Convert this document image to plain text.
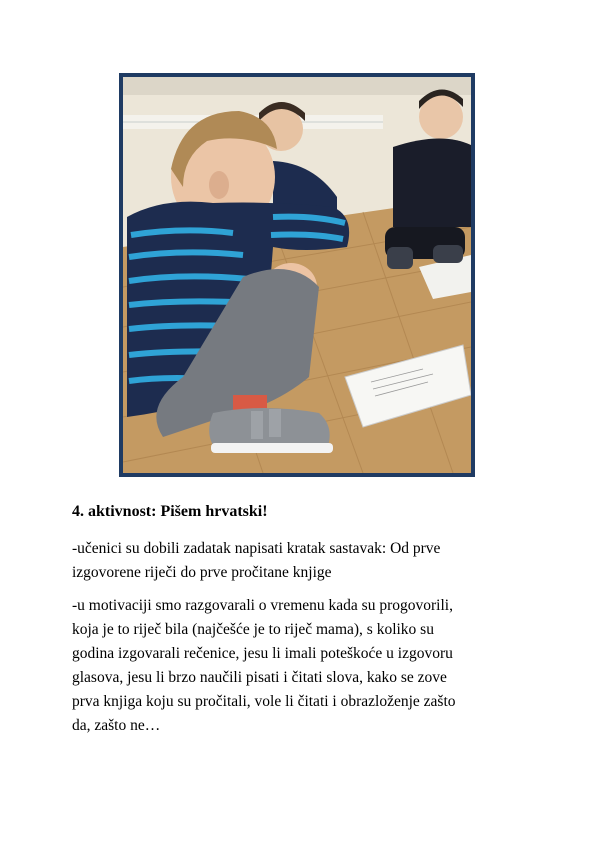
4. aktivnost: Pišem hrvatski!

-učenici su dobili zadatak napisati kratak sastavak: Od prve
izgovorene riječi do prve pročitane knjige

-u motivaciji smo razgovarali o vremenu kada su progovorili,
koja je to riječ bila (najčešće je to riječ mama), s koliko su
godina izgovarali rečenice, jesu li imali poteškoće u izgovoru
glasova, jesu li brzo naučili pisati i čitati slova, kako se zove
prva knjiga koju su pročitali, vole li čitati i obrazloženje zašto
da, zašto ne…
